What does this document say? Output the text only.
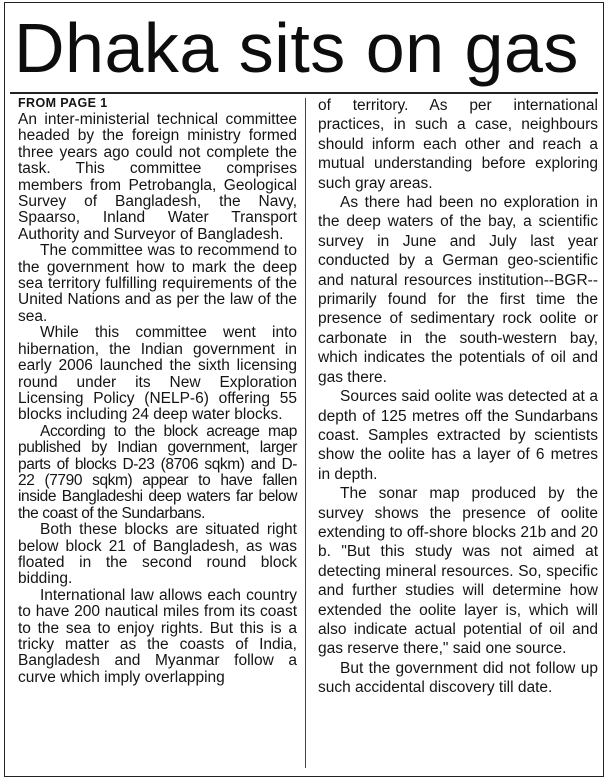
Dhaka sits on gas
FROM PAGE 1

An inter-ministerial technical committee headed by the foreign ministry formed three years ago could not complete the task. This committee comprises members from Petrobangla, Geological Survey of Bangladesh, the Navy, Spaarso, Inland Water Transport Authority and Surveyor of Bangladesh.

The committee was to recommend to the government how to mark the deep sea territory fulfilling requirements of the United Nations and as per the law of the sea.

While this committee went into hibernation, the Indian government in early 2006 launched the sixth licensing round under its New Exploration Licensing Policy (NELP-6) offering 55 blocks including 24 deep water blocks.

According to the block acreage map published by Indian government, larger parts of blocks D-23 (8706 sqkm) and D-22 (7790 sqkm) appear to have fallen inside Bangladeshi deep waters far below the coast of the Sundarbans.

Both these blocks are situated right below block 21 of Bangladesh, as was floated in the second round block bidding.

International law allows each country to have 200 nautical miles from its coast to the sea to enjoy rights. But this is a tricky matter as the coasts of India, Bangladesh and Myanmar follow a curve which imply overlapping

of territory. As per international practices, in such a case, neighbours should inform each other and reach a mutual understanding before exploring such gray areas.

As there had been no exploration in the deep waters of the bay, a scientific survey in June and July last year conducted by a German geo-scientific and natural resources institution--BGR-- primarily found for the first time the presence of sedimentary rock oolite or carbonate in the south-western bay, which indicates the potentials of oil and gas there.

Sources said oolite was detected at a depth of 125 metres off the Sundarbans coast. Samples extracted by scientists show the oolite has a layer of 6 metres in depth.

The sonar map produced by the survey shows the presence of oolite extending to off-shore blocks 21b and 20 b. "But this study was not aimed at detecting mineral resources. So, specific and further studies will determine how extended the oolite layer is, which will also indicate actual potential of oil and gas reserve there," said one source.

But the government did not follow up such accidental discovery till date.
